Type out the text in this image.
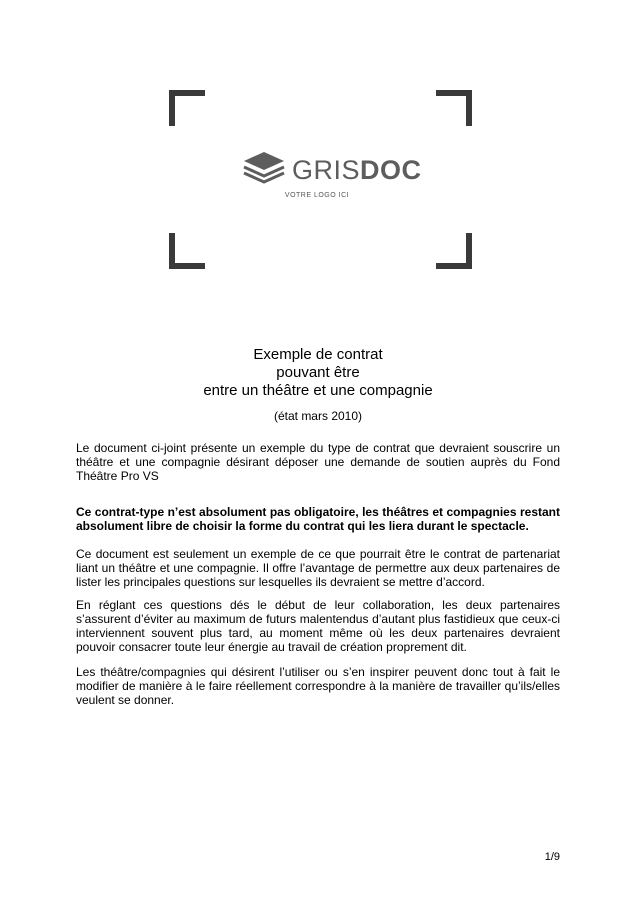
GRISDOC
VOTRE LOGO ICI
Exemple de contrat
pouvant être
entre un théâtre et une compagnie
(état mars 2010)

Le document ci-joint présente un exemple du type de contrat que devraient souscrire un théâtre et une compagnie désirant déposer une demande de soutien auprès du Fond Théâtre Pro VS

Ce contrat-type n’est absolument pas obligatoire, les théâtres et compagnies restant absolument libre de choisir la forme du contrat qui les liera durant le spectacle.

Ce document est seulement un exemple de ce que pourrait être le contrat de partenariat liant un théâtre et une compagnie. Il offre l’avantage de permettre aux deux partenaires de lister les principales questions sur lesquelles ils devraient se mettre d’accord.

En réglant ces questions dés le début de leur collaboration, les deux partenaires s’assurent d’éviter au maximum de futurs malentendus d’autant plus fastidieux que ceux-ci interviennent souvent plus tard, au moment même où les deux partenaires devraient pouvoir consacrer toute leur énergie au travail de création proprement dit.

Les théâtre/compagnies qui désirent l’utiliser ou s’en inspirer peuvent donc tout à fait le modifier de manière à le faire réellement correspondre à la manière de travailler qu’ils/elles veulent se donner.

1/9
